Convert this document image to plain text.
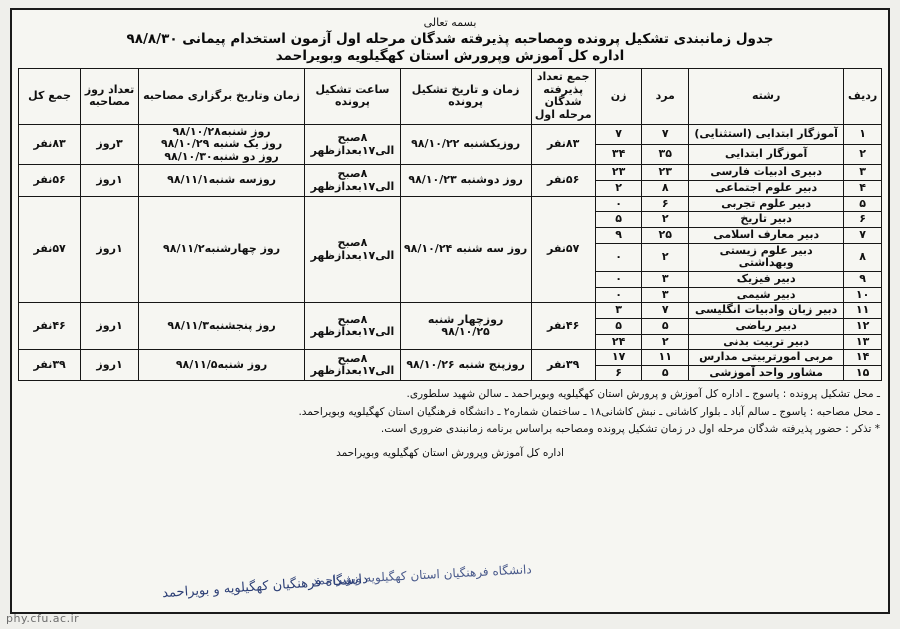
بسمه تعالی
جدول زمانبندی تشکیل پرونده ومصاحبه پذیرفته شدگان مرحله اول آزمون استخدام پیمانی ۹۸/۸/۳۰
اداره کل آموزش وپرورش استان کهگیلویه وبویراحمد
ردیف	رشته	مرد	زن	جمع تعداد پذیرفته شدگان مرحله اول	زمان و تاریخ تشکیل پرونده	ساعت تشکیل پرونده	زمان وتاریخ برگزاری مصاحبه	تعداد روز مصاحبه	جمع کل
۱	آموزگار ابتدایی (استثنایی)	۷	۷	۸۳نفر	روزیکشنبه ۹۸/۱۰/۲۲	۸صبح الی۱۷بعدازظهر	روز شنبه۹۸/۱۰/۲۸
روز یک شنبه ۹۸/۱۰/۲۹
روز دو شنبه۹۸/۱۰/۳۰	۳روز	۸۳نفر
۲	آموزگار ابتدایی	۳۵	۳۴						
۳	دبیری ادبیات فارسی	۲۳	۲۳	۵۶نفر	روز دوشنبه ۹۸/۱۰/۲۳	۸صبح الی۱۷بعدازظهر	روزسه شنبه۹۸/۱۱/۱	۱روز	۵۶نفر
۴	دبیر علوم اجتماعی	۸	۲						
۵	دبیر علوم تجربی	۶	۰	۵۷نفر	روز سه شنبه ۹۸/۱۰/۲۴	۸صبح الی۱۷بعدازظهر	روز چهارشنبه۹۸/۱۱/۲	۱روز	۵۷نفر
۶	دبیر تاریخ	۲	۵						
۷	دبیر معارف اسلامی	۲۵	۹						
۸	دبیر علوم زیستی وبهداشتی	۲	۰						
۹	دبیر فیزیک	۳	۰						
۱۰	دبیر شیمی	۳	۰						
۱۱	دبیر زبان وادبیات انگلیسی	۷	۳	۴۶نفر	روزچهار شنبه ۹۸/۱۰/۲۵	۸صبح الی۱۷بعدازظهر	روز پنجشنبه۹۸/۱۱/۳	۱روز	۴۶نفر
۱۲	دبیر ریاضی	۵	۵						
۱۳	دبیر تربیت بدنی	۲	۲۴						
۱۴	مربی امورتربیتی مدارس	۱۱	۱۷	۳۹نفر	روزپنج شنبه ۹۸/۱۰/۲۶	۸صبح الی۱۷بعدازظهر	روز شنبه۹۸/۱۱/۵	۱روز	۳۹نفر
۱۵	مشاور واحد آموزشی	۵	۶						
ـ محل تشکیل پرونده : یاسوج ـ اداره کل آموزش و پرورش استان کهگیلویه وبویراحمد ـ سالن شهید سلطوری.
ـ محل مصاحبه : یاسوج ـ سالم آباد ـ بلوار کاشانی ـ نبش کاشانی۱۸ ـ ساختمان شماره۲ ـ دانشگاه فرهنگیان استان کهگیلویه وبویراحمد.
* تذکر : حضور پذیرفته شدگان مرحله اول در زمان تشکیل پرونده ومصاحبه براساس برنامه زمانبندی ضروری است.
اداره کل آموزش وپرورش استان کهگیلویه وبویراحمد
دانشگاه فرهنگیان کهگیلویه و بویراحمد
دانشگاه فرهنگیان استان کهگیلویه وبویراحمد
phy.cfu.ac.ir
